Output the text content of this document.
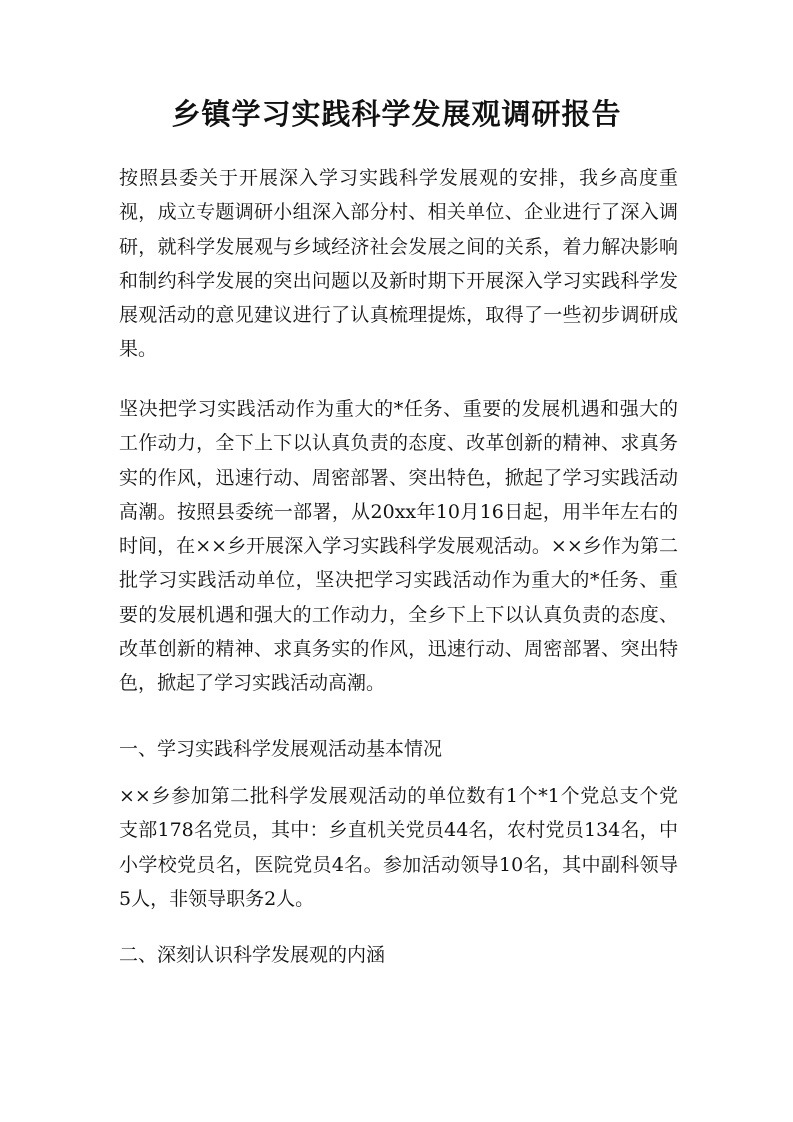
乡镇学习实践科学发展观调研报告

按照县委关于开展深入学习实践科学发展观的安排，我乡高度重视，成立专题调研小组深入部分村、相关单位、企业进行了深入调研，就科学发展观与乡域经济社会发展之间的关系，着力解决影响和制约科学发展的突出问题以及新时期下开展深入学习实践科学发展观活动的意见建议进行了认真梳理提炼，取得了一些初步调研成果。

坚决把学习实践活动作为重大的*任务、重要的发展机遇和强大的工作动力，全下上下以认真负责的态度、改革创新的精神、求真务实的作风，迅速行动、周密部署、突出特色，掀起了学习实践活动高潮。按照县委统一部署，从20xx年10月16日起，用半年左右的时间，在××乡开展深入学习实践科学发展观活动。××乡作为第二批学习实践活动单位，坚决把学习实践活动作为重大的*任务、重要的发展机遇和强大的工作动力，全乡下上下以认真负责的态度、改革创新的精神、求真务实的作风，迅速行动、周密部署、突出特色，掀起了学习实践活动高潮。

一、学习实践科学发展观活动基本情况

××乡参加第二批科学发展观活动的单位数有1个*1个党总支个党支部178名党员，其中：乡直机关党员44名，农村党员134名，中小学校党员名，医院党员4名。参加活动领导10名，其中副科领导5人，非领导职务2人。

二、深刻认识科学发展观的内涵
